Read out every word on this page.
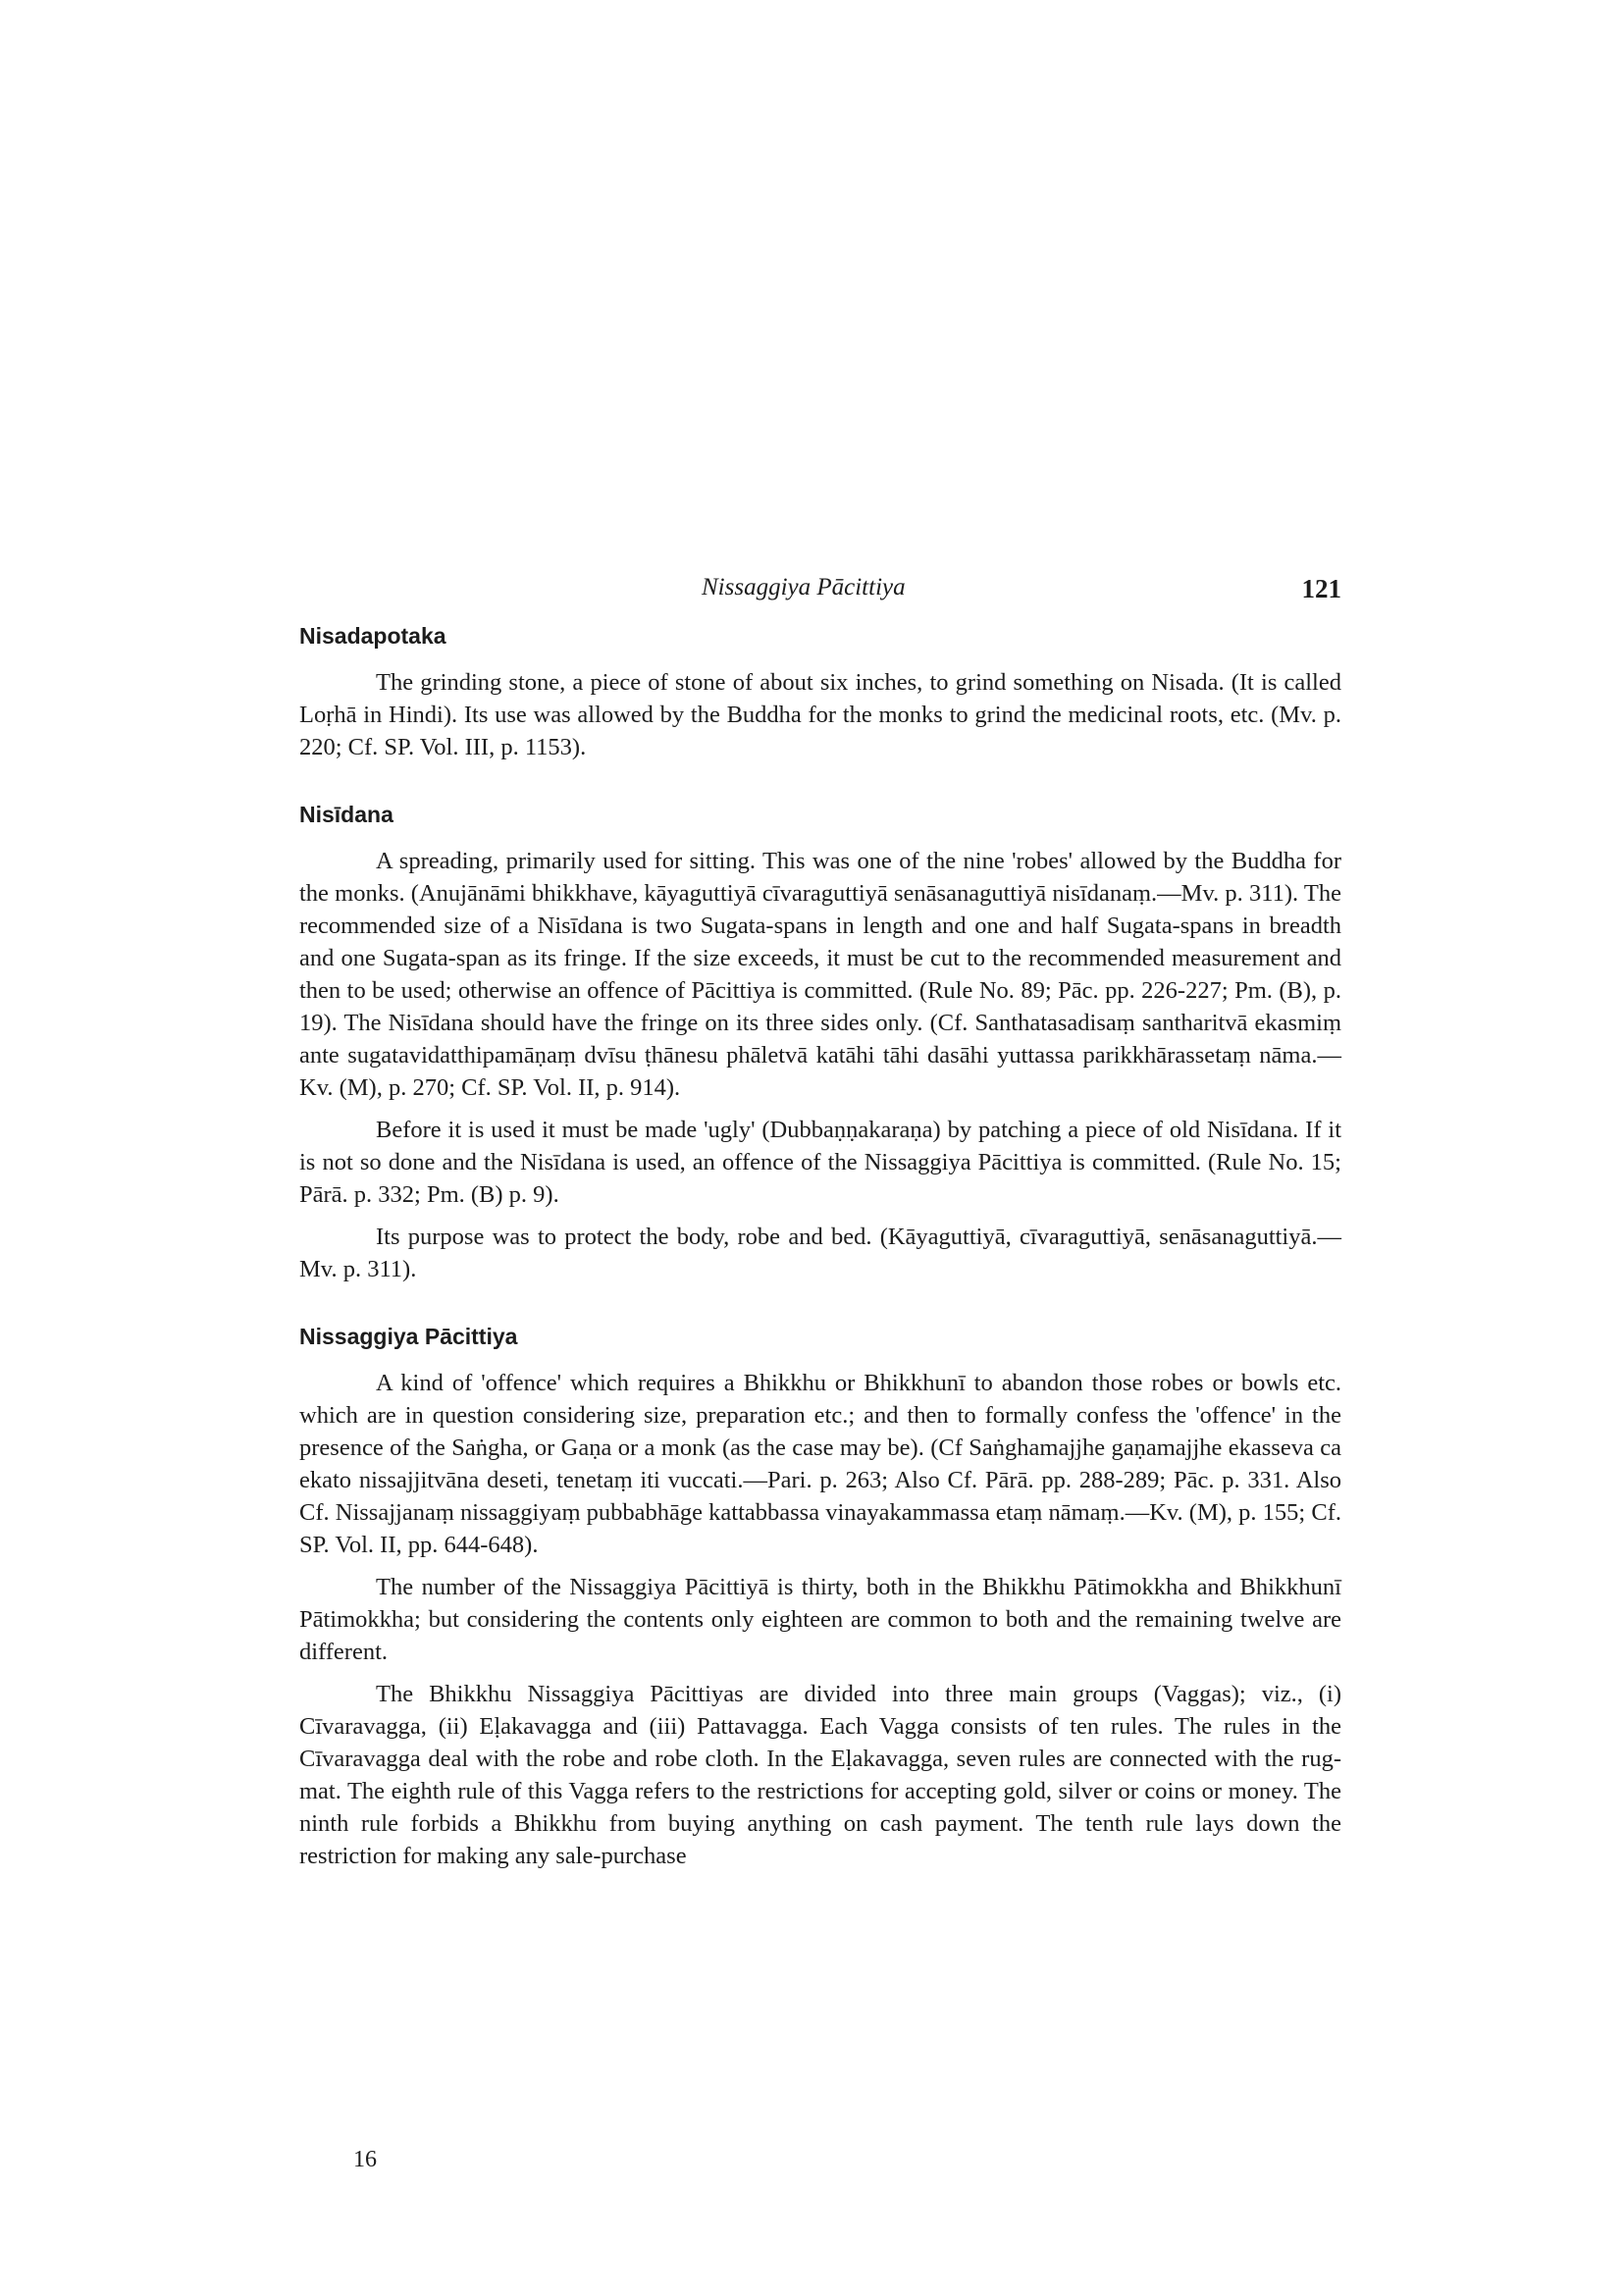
Nissaggiya Pācittiya	121
Nisadapotaka

The grinding stone, a piece of stone of about six inches, to grind something on Nisada. (It is called Loṛhā in Hindi). Its use was allowed by the Buddha for the monks to grind the medicinal roots, etc. (Mv. p. 220; Cf. SP. Vol. III, p. 1153).

Nisīdana

A spreading, primarily used for sitting. This was one of the nine 'robes' allowed by the Buddha for the monks. (Anujānāmi bhikkhave, kāyaguttiyā cīvaraguttiyā senāsanaguttiyā nisīdanaṃ.—Mv. p. 311). The recommended size of a Nisīdana is two Sugata-spans in length and one and half Sugata-spans in breadth and one Sugata-span as its fringe. If the size exceeds, it must be cut to the recommended measurement and then to be used; otherwise an offence of Pācittiya is committed. (Rule No. 89; Pāc. pp. 226-227; Pm. (B), p. 19). The Nisīdana should have the fringe on its three sides only. (Cf. Santhatasadisaṃ santharitvā ekasmiṃ ante sugatavidatthipamāṇaṃ dvīsu ṭhānesu phāletvā katāhi tāhi dasāhi yuttassa parikkhārassetaṃ nāma.—Kv. (M), p. 270; Cf. SP. Vol. II, p. 914).

Before it is used it must be made 'ugly' (Dubbaṇṇakaraṇa) by patching a piece of old Nisīdana. If it is not so done and the Nisīdana is used, an offence of the Nissaggiya Pācittiya is committed. (Rule No. 15; Pārā. p. 332; Pm. (B) p. 9).

Its purpose was to protect the body, robe and bed. (Kāyaguttiyā, cīvaraguttiyā, senāsanaguttiyā.—Mv. p. 311).

Nissaggiya Pācittiya

A kind of 'offence' which requires a Bhikkhu or Bhikkhunī to abandon those robes or bowls etc. which are in question considering size, preparation etc.; and then to formally confess the 'offence' in the presence of the Saṅgha, or Gaṇa or a monk (as the case may be). (Cf Saṅghamajjhe gaṇamajjhe ekasseva ca ekato nissajjitvāna deseti, tenetaṃ iti vuccati.—Pari. p. 263; Also Cf. Pārā. pp. 288-289; Pāc. p. 331. Also Cf. Nissajjanaṃ nissaggiyaṃ pubbabhāge kattabbassa vinayakammassa etaṃ nāmaṃ.—Kv. (M), p. 155; Cf. SP. Vol. II, pp. 644-648).

The number of the Nissaggiya Pācittiyā is thirty, both in the Bhikkhu Pātimokkha and Bhikkhunī Pātimokkha; but considering the contents only eighteen are common to both and the remaining twelve are different.

The Bhikkhu Nissaggiya Pācittiyas are divided into three main groups (Vaggas); viz., (i) Cīvaravagga, (ii) Eḷakavagga and (iii) Pattavagga. Each Vagga consists of ten rules. The rules in the Cīvaravagga deal with the robe and robe cloth. In the Eḷakavagga, seven rules are connected with the rug-mat. The eighth rule of this Vagga refers to the restrictions for accepting gold, silver or coins or money. The ninth rule forbids a Bhikkhu from buying anything on cash payment. The tenth rule lays down the restriction for making any sale-purchase

16
